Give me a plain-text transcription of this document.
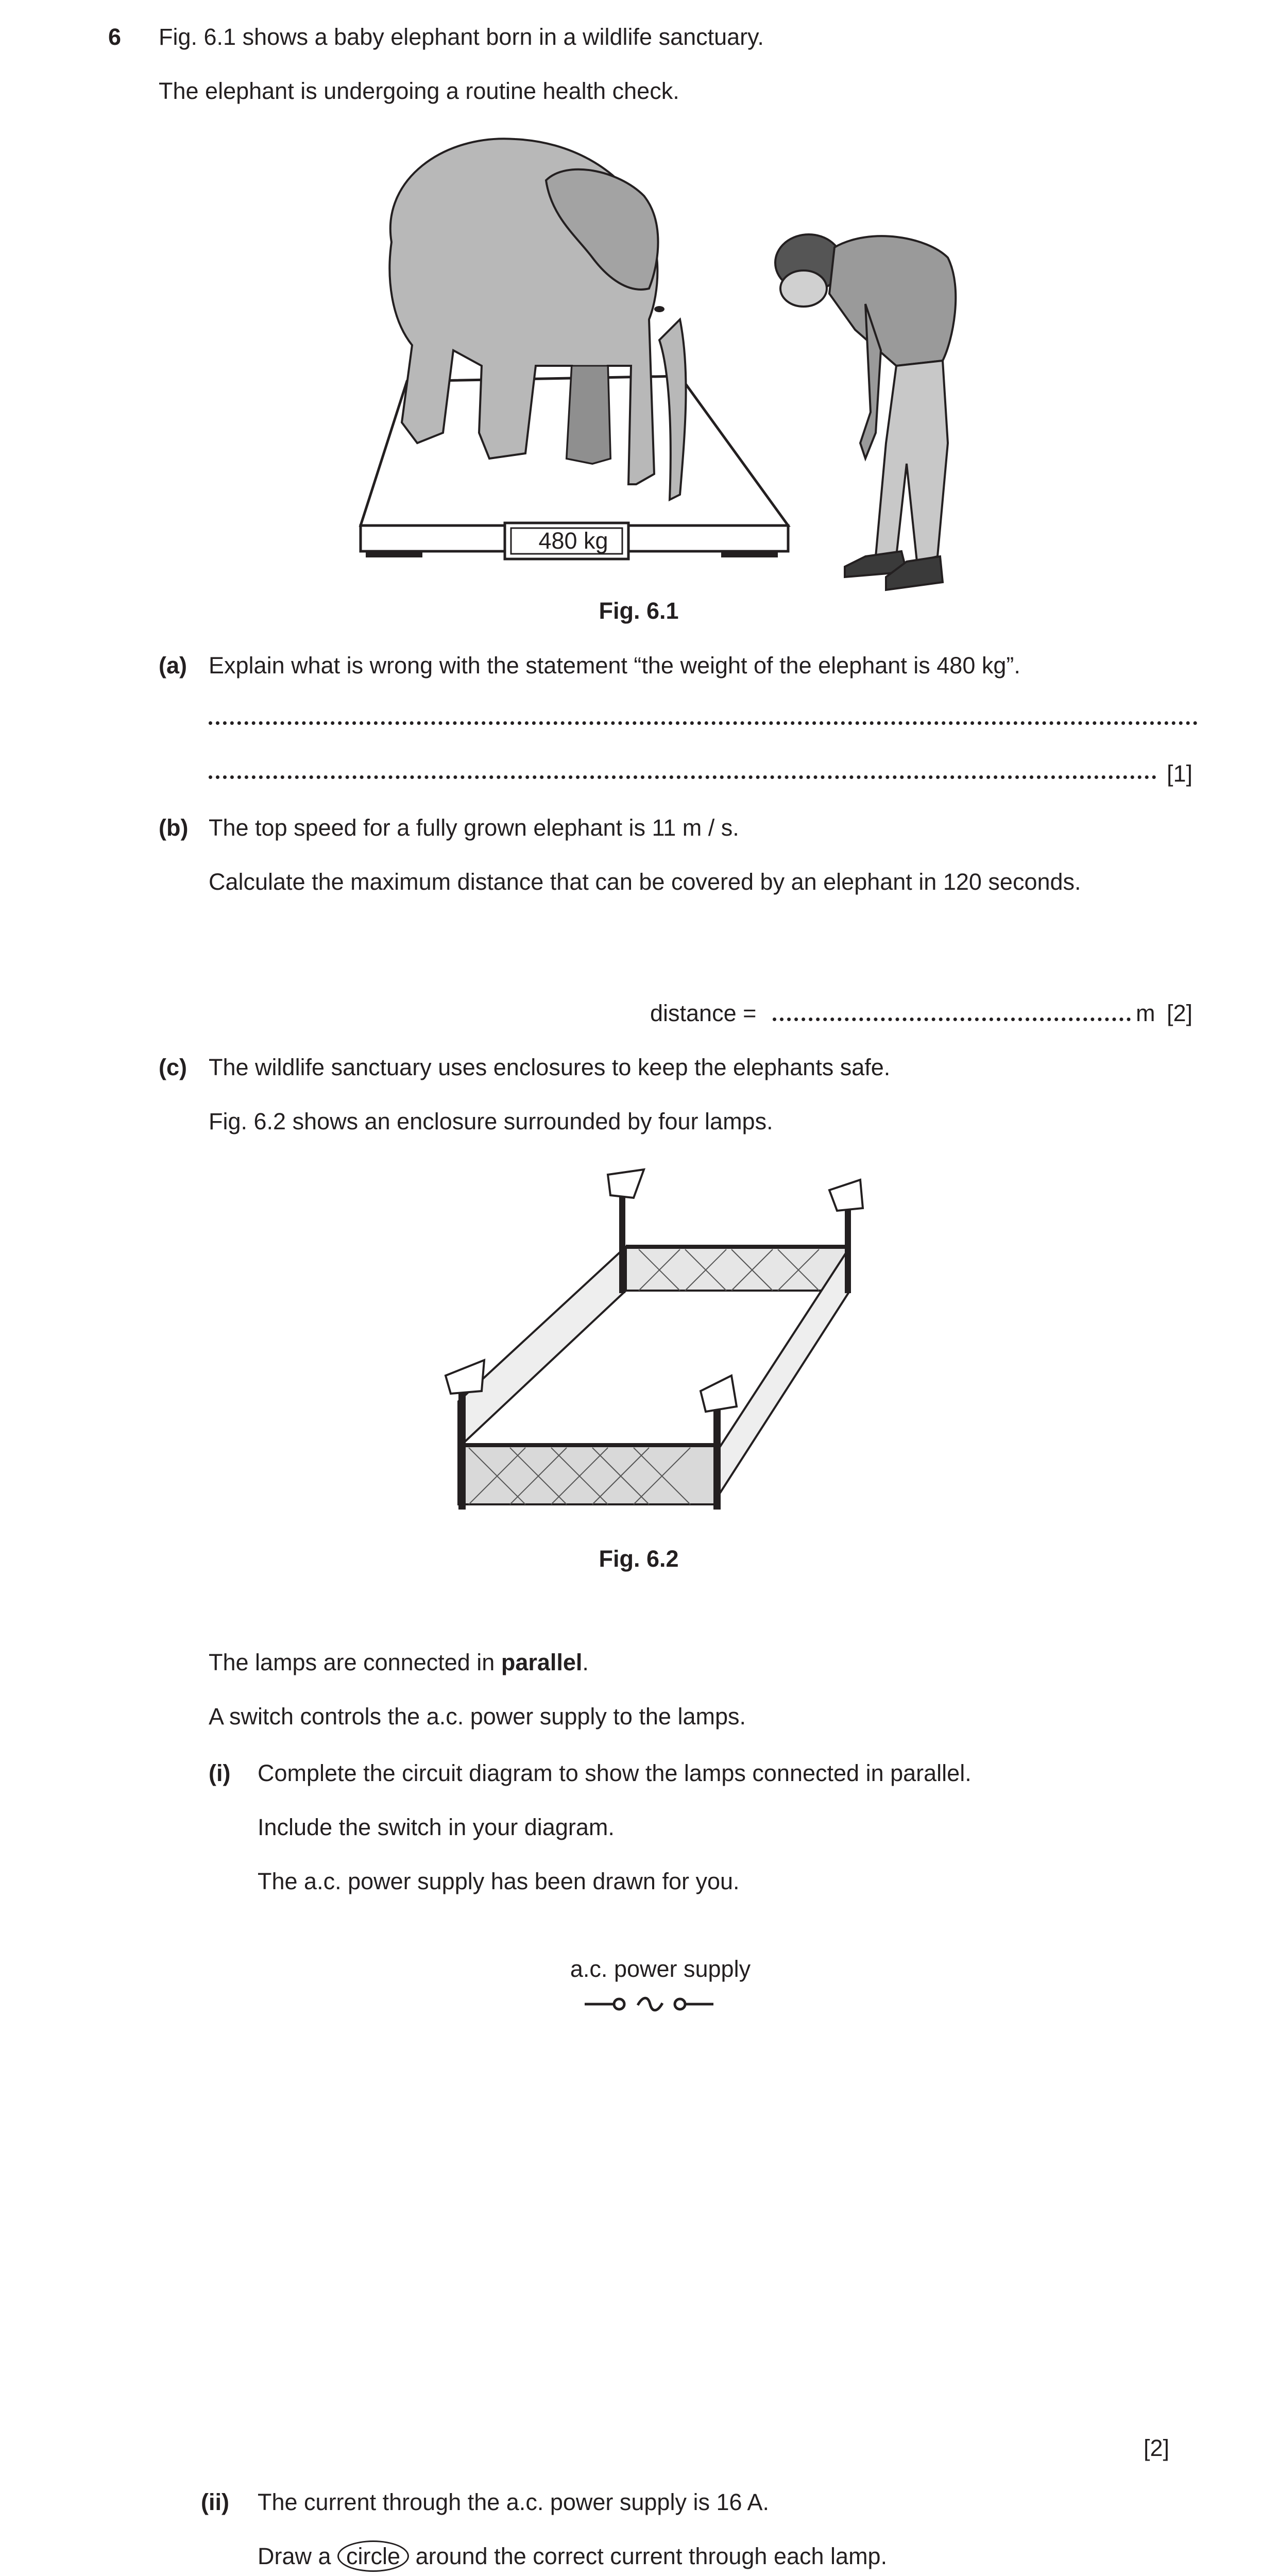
6 Fig. 6.1 shows a baby elephant born in a wildlife sanctuary.
The elephant is undergoing a routine health check.
480 kg
Fig. 6.1
(a) Explain what is wrong with the statement “the weight of the elephant is 480 kg”.
[1]
(b) The top speed for a fully grown elephant is 11 m / s.
Calculate the maximum distance that can be covered by an elephant in 120 seconds.
distance =	m [2]
(c) The wildlife sanctuary uses enclosures to keep the elephants safe.
Fig. 6.2 shows an enclosure surrounded by four lamps.
Fig. 6.2
The lamps are connected in parallel.
A switch controls the a.c. power supply to the lamps.
(i) Complete the circuit diagram to show the lamps connected in parallel.
Include the switch in your diagram.
The a.c. power supply has been drawn for you.
a.c. power supply
[2]
(ii) The current through the a.c. power supply is 16 A.
Draw a circle around the correct current through each lamp.
